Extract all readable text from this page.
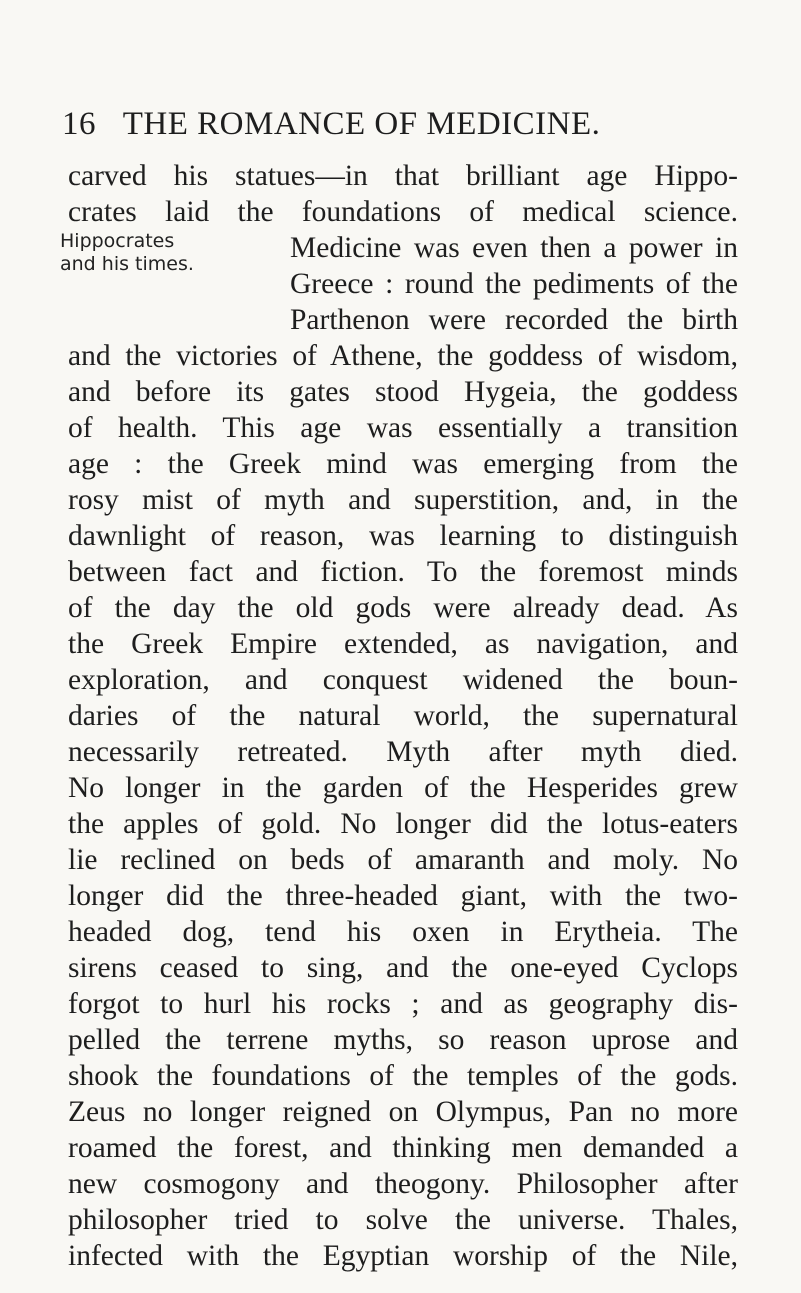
16 THE ROMANCE OF MEDICINE.
Hippocrates
and his times.
carved his statues—in that brilliant age Hippo-
crates laid the foundations of medical science.
Medicine was even then a power in
Greece : round the pediments of the
Parthenon were recorded the birth
and the victories of Athene, the goddess of wisdom,
and before its gates stood Hygeia, the goddess
of health. This age was essentially a transition
age : the Greek mind was emerging from the
rosy mist of myth and superstition, and, in the
dawnlight of reason, was learning to distinguish
between fact and fiction. To the foremost minds
of the day the old gods were already dead. As
the Greek Empire extended, as navigation, and
exploration, and conquest widened the boun-
daries of the natural world, the supernatural
necessarily retreated. Myth after myth died.
No longer in the garden of the Hesperides grew
the apples of gold. No longer did the lotus-eaters
lie reclined on beds of amaranth and moly. No
longer did the three-headed giant, with the two-
headed dog, tend his oxen in Erytheia. The
sirens ceased to sing, and the one-eyed Cyclops
forgot to hurl his rocks ; and as geography dis-
pelled the terrene myths, so reason uprose and
shook the foundations of the temples of the gods.
Zeus no longer reigned on Olympus, Pan no more
roamed the forest, and thinking men demanded a
new cosmogony and theogony. Philosopher after
philosopher tried to solve the universe. Thales,
infected with the Egyptian worship of the Nile,
